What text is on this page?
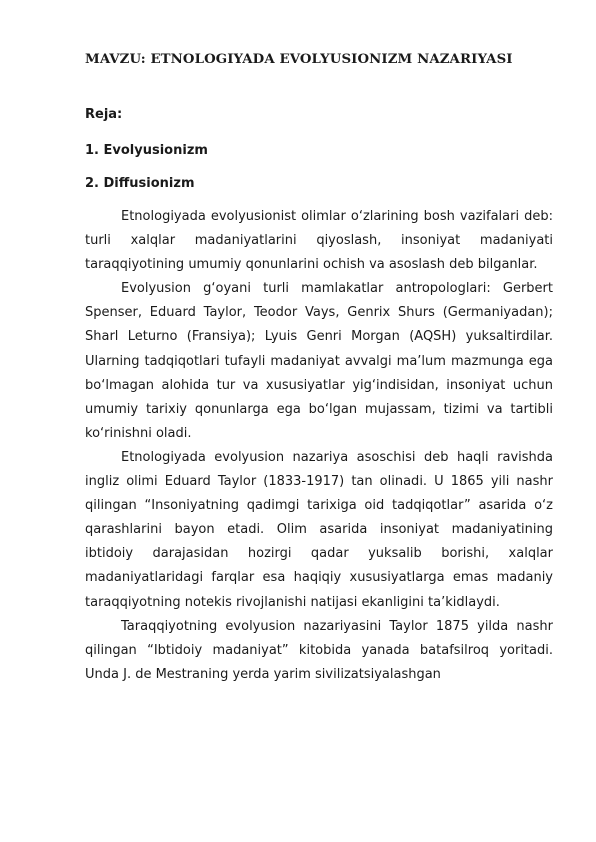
MAVZU: ETNOLOGIYADA EVOLYUSIONIZM NAZARIYASI
Reja:
1. Evolyusionizm
2. Diffusionizm

Etnologiyada evolyusionist olimlar o‘zlarining bosh vazifalari deb: turli xalqlar madaniyatlarini qiyoslash, insoniyat madaniyati taraqqiyotining umumiy qonunlarini ochish va asoslash deb bilganlar.

Evolyusion g‘oyani turli mamlakatlar antropologlari: Gerbert Spenser, Eduard Taylor, Teodor Vays, Genrix Shurs (Germaniyadan); Sharl Leturno (Fransiya); Lyuis Genri Morgan (AQSH) yuksaltirdilar. Ularning tadqiqotlari tufayli madaniyat avvalgi ma’lum mazmunga ega bo‘lmagan alohida tur va xususiyatlar yig‘indisidan, insoniyat uchun umumiy tarixiy qonunlarga ega bo‘lgan mujassam, tizimi va tartibli ko‘rinishni oladi.

Etnologiyada evolyusion nazariya asoschisi deb haqli ravishda ingliz olimi Eduard Taylor (1833-1917) tan olinadi. U 1865 yili nashr qilingan “Insoniyatning qadimgi tarixiga oid tadqiqotlar” asarida o‘z qarashlarini bayon etadi. Olim asarida insoniyat madaniyatining ibtidoiy darajasidan hozirgi qadar yuksalib borishi, xalqlar madaniyatlaridagi farqlar esa haqiqiy xususiyatlarga emas madaniy taraqqiyotning notekis rivojlanishi natijasi ekanligini ta’kidlaydi.

Taraqqiyotning evolyusion nazariyasini Taylor 1875 yilda nashr qilingan “Ibtidoiy madaniyat” kitobida yanada batafsilroq yoritadi. Unda J. de Mestraning yerda yarim sivilizatsiyalashgan
